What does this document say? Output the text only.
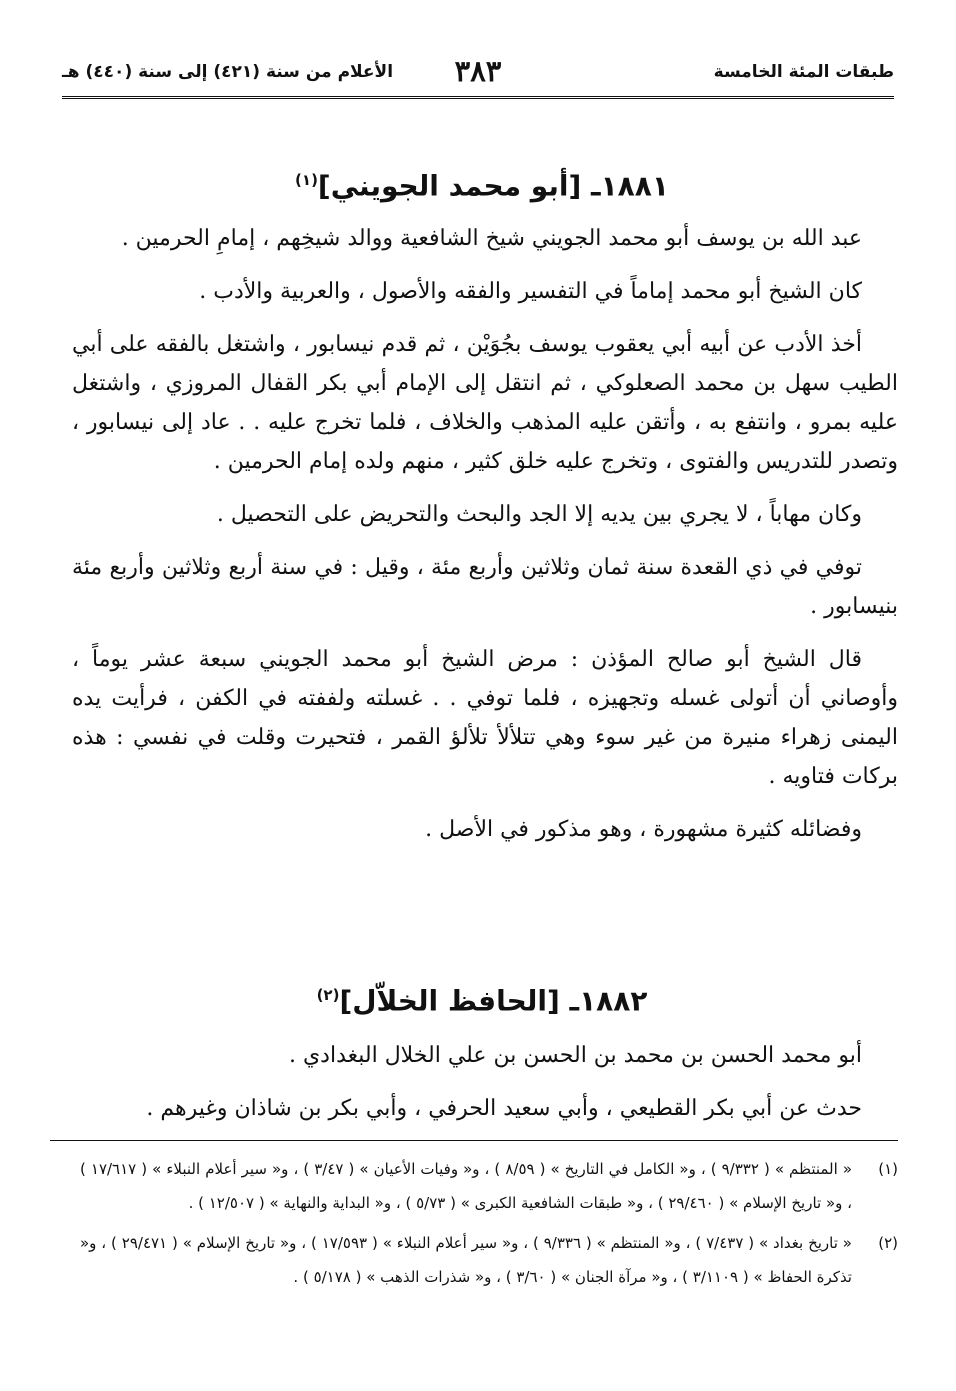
طبقات المئة الخامسة
٣٨٣
الأعلام من سنة (٤٢١) إلى سنة (٤٤٠) هـ
١٨٨١ـ [أبو محمد الجويني]$^{(١)}$

عبد الله بن يوسف أبو محمد الجويني شيخ الشافعية ووالد شيخِهم ، إمامِ الحرمين .

كان الشيخ أبو محمد إماماً في التفسير والفقه والأصول ، والعربية والأدب .

أخذ الأدب عن أبيه أبي يعقوب يوسف بجُوَيْن ، ثم قدم نيسابور ، واشتغل بالفقه على أبي الطيب سهل بن محمد الصعلوكي ، ثم انتقل إلى الإمام أبي بكر القفال المروزي ، واشتغل عليه بمرو ، وانتفع به ، وأتقن عليه المذهب والخلاف ، فلما تخرج عليه . . عاد إلى نيسابور ، وتصدر للتدريس والفتوى ، وتخرج عليه خلق كثير ، منهم ولده إمام الحرمين .

وكان مهاباً ، لا يجري بين يديه إلا الجد والبحث والتحريض على التحصيل .

توفي في ذي القعدة سنة ثمان وثلاثين وأربع مئة ، وقيل : في سنة أربع وثلاثين وأربع مئة بنيسابور .

قال الشيخ أبو صالح المؤذن : مرض الشيخ أبو محمد الجويني سبعة عشر يوماً ، وأوصاني أن أتولى غسله وتجهيزه ، فلما توفي . . غسلته ولففته في الكفن ، فرأيت يده اليمنى زهراء منيرة من غير سوء وهي تتلألأ تلألؤ القمر ، فتحيرت وقلت في نفسي : هذه بركات فتاويه .

وفضائله كثيرة مشهورة ، وهو مذكور في الأصل .

١٨٨٢ـ [الحافظ الخلاّل]$^{(٢)}$

أبو محمد الحسن بن محمد بن الحسن بن علي الخلال البغدادي .

حدث عن أبي بكر القطيعي ، وأبي سعيد الحرفي ، وأبي بكر بن شاذان وغيرهم .

(١)
« المنتظم » ( ٩/٣٣٢ ) ، و« الكامل في التاريخ » ( ٨/٥٩ ) ، و« وفيات الأعيان » ( ٣/٤٧ ) ، و« سير أعلام النبلاء » ( ١٧/٦١٧ ) ، و« تاريخ الإسلام » ( ٢٩/٤٦٠ ) ، و« طبقات الشافعية الكبرى » ( ٥/٧٣ ) ، و« البداية والنهاية » ( ١٢/٥٠٧ ) .
(٢)
« تاريخ بغداد » ( ٧/٤٣٧ ) ، و« المنتظم » ( ٩/٣٣٦ ) ، و« سير أعلام النبلاء » ( ١٧/٥٩٣ ) ، و« تاريخ الإسلام » ( ٢٩/٤٧١ ) ، و« تذكرة الحفاظ » ( ٣/١١٠٩ ) ، و« مرآة الجنان » ( ٣/٦٠ ) ، و« شذرات الذهب » ( ٥/١٧٨ ) .
